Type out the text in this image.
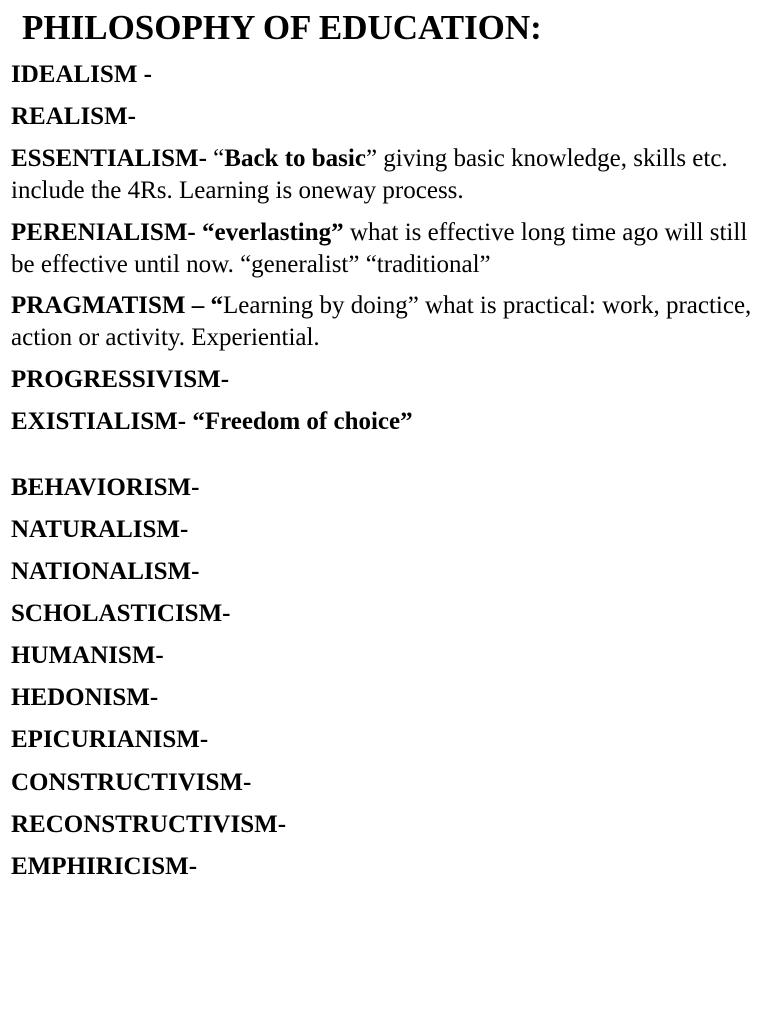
PHILOSOPHY OF EDUCATION:

IDEALISM -

REALISM-

ESSENTIALISM- “Back to basic” giving basic knowledge, skills etc. include the 4Rs. Learning is oneway process.

PERENIALISM- “everlasting” what is effective long time ago will still be effective until now. “generalist” “traditional”

PRAGMATISM – “Learning by doing” what is practical: work, practice, action or activity. Experiential.

PROGRESSIVISM-

EXISTIALISM- “Freedom of choice”

BEHAVIORISM-

NATURALISM-

NATIONALISM-

SCHOLASTICISM-

HUMANISM-

HEDONISM-

EPICURIANISM-

CONSTRUCTIVISM-

RECONSTRUCTIVISM-

EMPHIRICISM-
